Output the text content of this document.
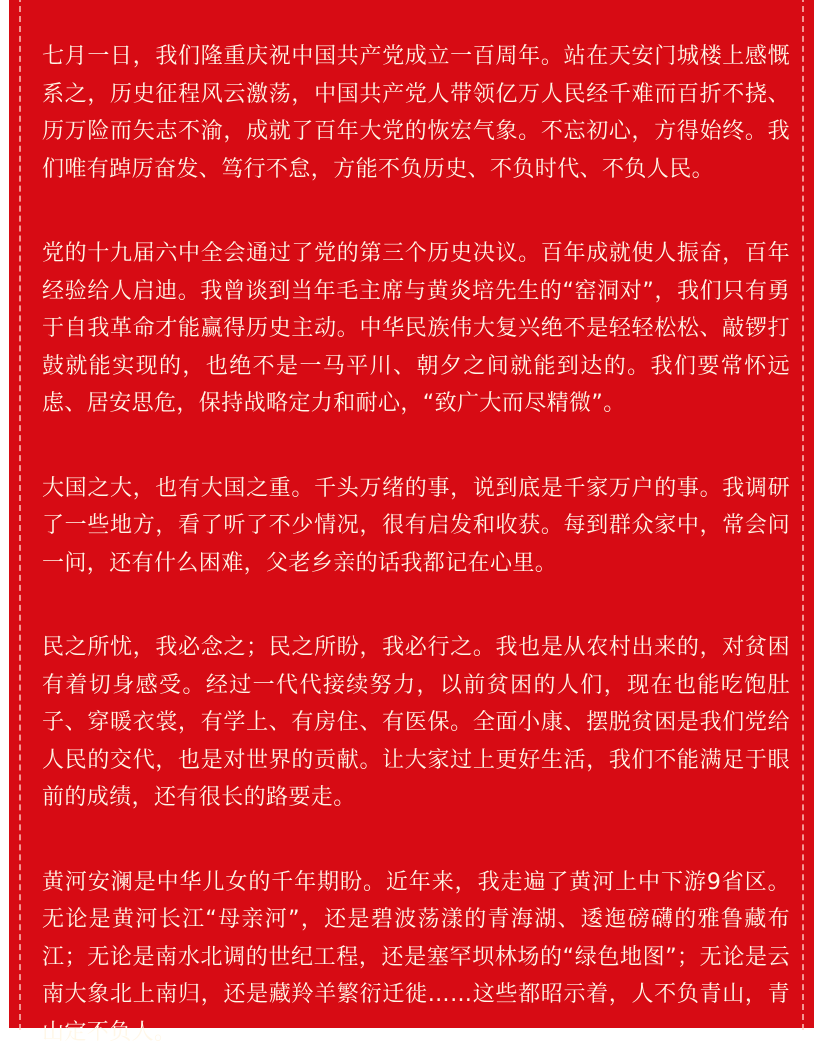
七月一日，我们隆重庆祝中国共产党成立一百周年。站在天安门城楼上感慨系之，历史征程风云激荡，中国共产党人带领亿万人民经千难而百折不挠、历万险而矢志不渝，成就了百年大党的恢宏气象。不忘初心，方得始终。我们唯有踔厉奋发、笃行不怠，方能不负历史、不负时代、不负人民。

党的十九届六中全会通过了党的第三个历史决议。百年成就使人振奋，百年经验给人启迪。我曾谈到当年毛主席与黄炎培先生的“窑洞对”，我们只有勇于自我革命才能赢得历史主动。中华民族伟大复兴绝不是轻轻松松、敲锣打鼓就能实现的，也绝不是一马平川、朝夕之间就能到达的。我们要常怀远虑、居安思危，保持战略定力和耐心，“致广大而尽精微”。

大国之大，也有大国之重。千头万绪的事，说到底是千家万户的事。我调研了一些地方，看了听了不少情况，很有启发和收获。每到群众家中，常会问一问，还有什么困难，父老乡亲的话我都记在心里。

民之所忧，我必念之；民之所盼，我必行之。我也是从农村出来的，对贫困有着切身感受。经过一代代接续努力，以前贫困的人们，现在也能吃饱肚子、穿暖衣裳，有学上、有房住、有医保。全面小康、摆脱贫困是我们党给人民的交代，也是对世界的贡献。让大家过上更好生活，我们不能满足于眼前的成绩，还有很长的路要走。

黄河安澜是中华儿女的千年期盼。近年来，我走遍了黄河上中下游9省区。无论是黄河长江“母亲河”，还是碧波荡漾的青海湖、逶迤磅礴的雅鲁藏布江；无论是南水北调的世纪工程，还是塞罕坝林场的“绿色地图”；无论是云南大象北上南归，还是藏羚羊繁衍迁徙……这些都昭示着，人不负青山，青山定不负人。
